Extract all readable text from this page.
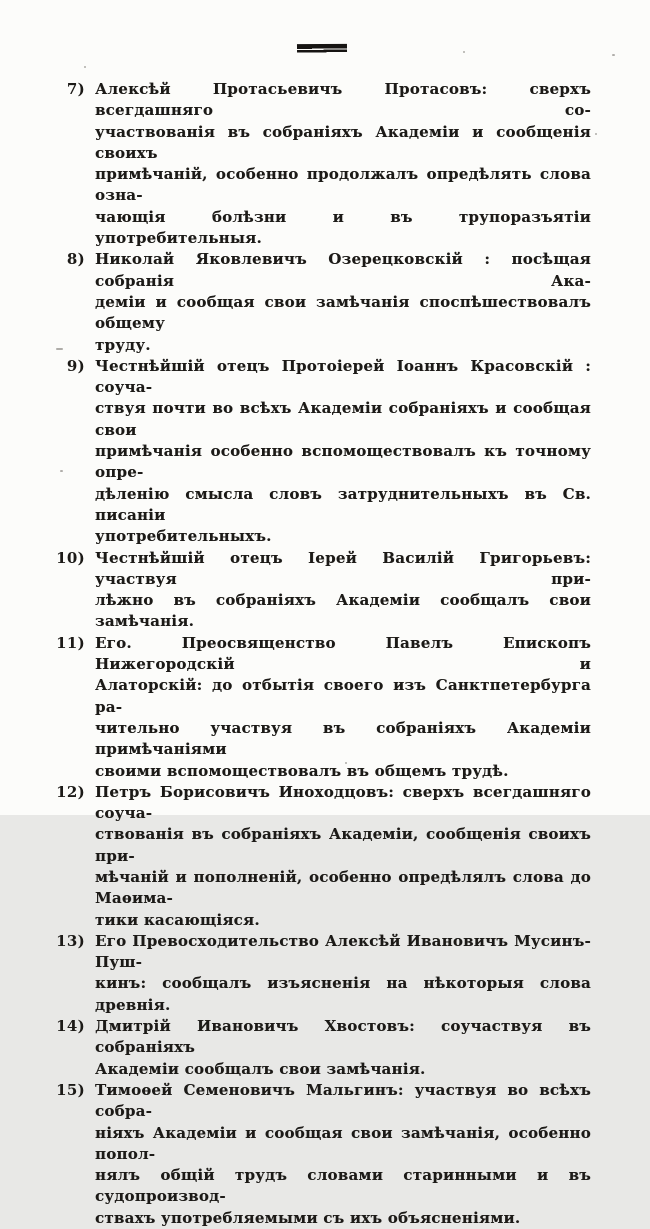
7) Алексѣй Протасьевичъ Протасовъ: сверхъ всегдашняго со-
участвованія въ собраніяхъ Академіи и сообщенія своихъ
примѣчаній, особенно продолжалъ опредѣлять слова озна-
чающія болѣзни и въ трупоразъятіи употребительныя.
8) Николай Яковлевичъ Озерецковскій : посѣщая собранія Ака-
деміи и сообщая свои замѣчанія споспѣшествовалъ общему
труду.
9) Честнѣйшій отецъ Протоіерей Іоаннъ Красовскій : соуча-
ствуя почти во всѣхъ Академіи собраніяхъ и сообщая свои
примѣчанія особенно вспомоществовалъ къ точному опре-
дѣленію смысла словъ затруднительныхъ въ Св. писаніи
употребительныхъ.
10) Честнѣйшій отецъ Іерей Василій Григорьевъ: участвуя при-
лѣжно въ собраніяхъ Академіи сообщалъ свои замѣчанія.
11) Его. Преосвященство Павелъ Епископъ Нижегородскій и
Алаторскій: до отбытія своего изъ Санктпетербурга ра-
чительно участвуя въ собраніяхъ Академіи примѣчаніями
своими вспомоществовалъ въ общемъ трудѣ.
12) Петръ Борисовичъ Иноходцовъ: сверхъ всегдашняго соуча-
ствованія въ собраніяхъ Академіи, сообщенія своихъ при-
мѣчаній и пополненій, особенно опредѣлялъ слова до Маѳима-
тики касающіяся.
13) Его Превосходительство Алексѣй Ивановичъ Мусинъ-Пуш-
кинъ: сообщалъ изъясненія на нѣкоторыя слова древнія.
14) Дмитрій Ивановичъ Хвостовъ: соучаствуя въ собраніяхъ
Академіи сообщалъ свои замѣчанія.
15) Тимоѳей Семеновичъ Мальгинъ: участвуя во всѣхъ собра-
ніяхъ Академіи и сообщая свои замѣчанія, особенно попол-
нялъ общій трудъ словами старинными и въ судопроизвод-
ствахъ употребляемыми съ ихъ объясненіями.
